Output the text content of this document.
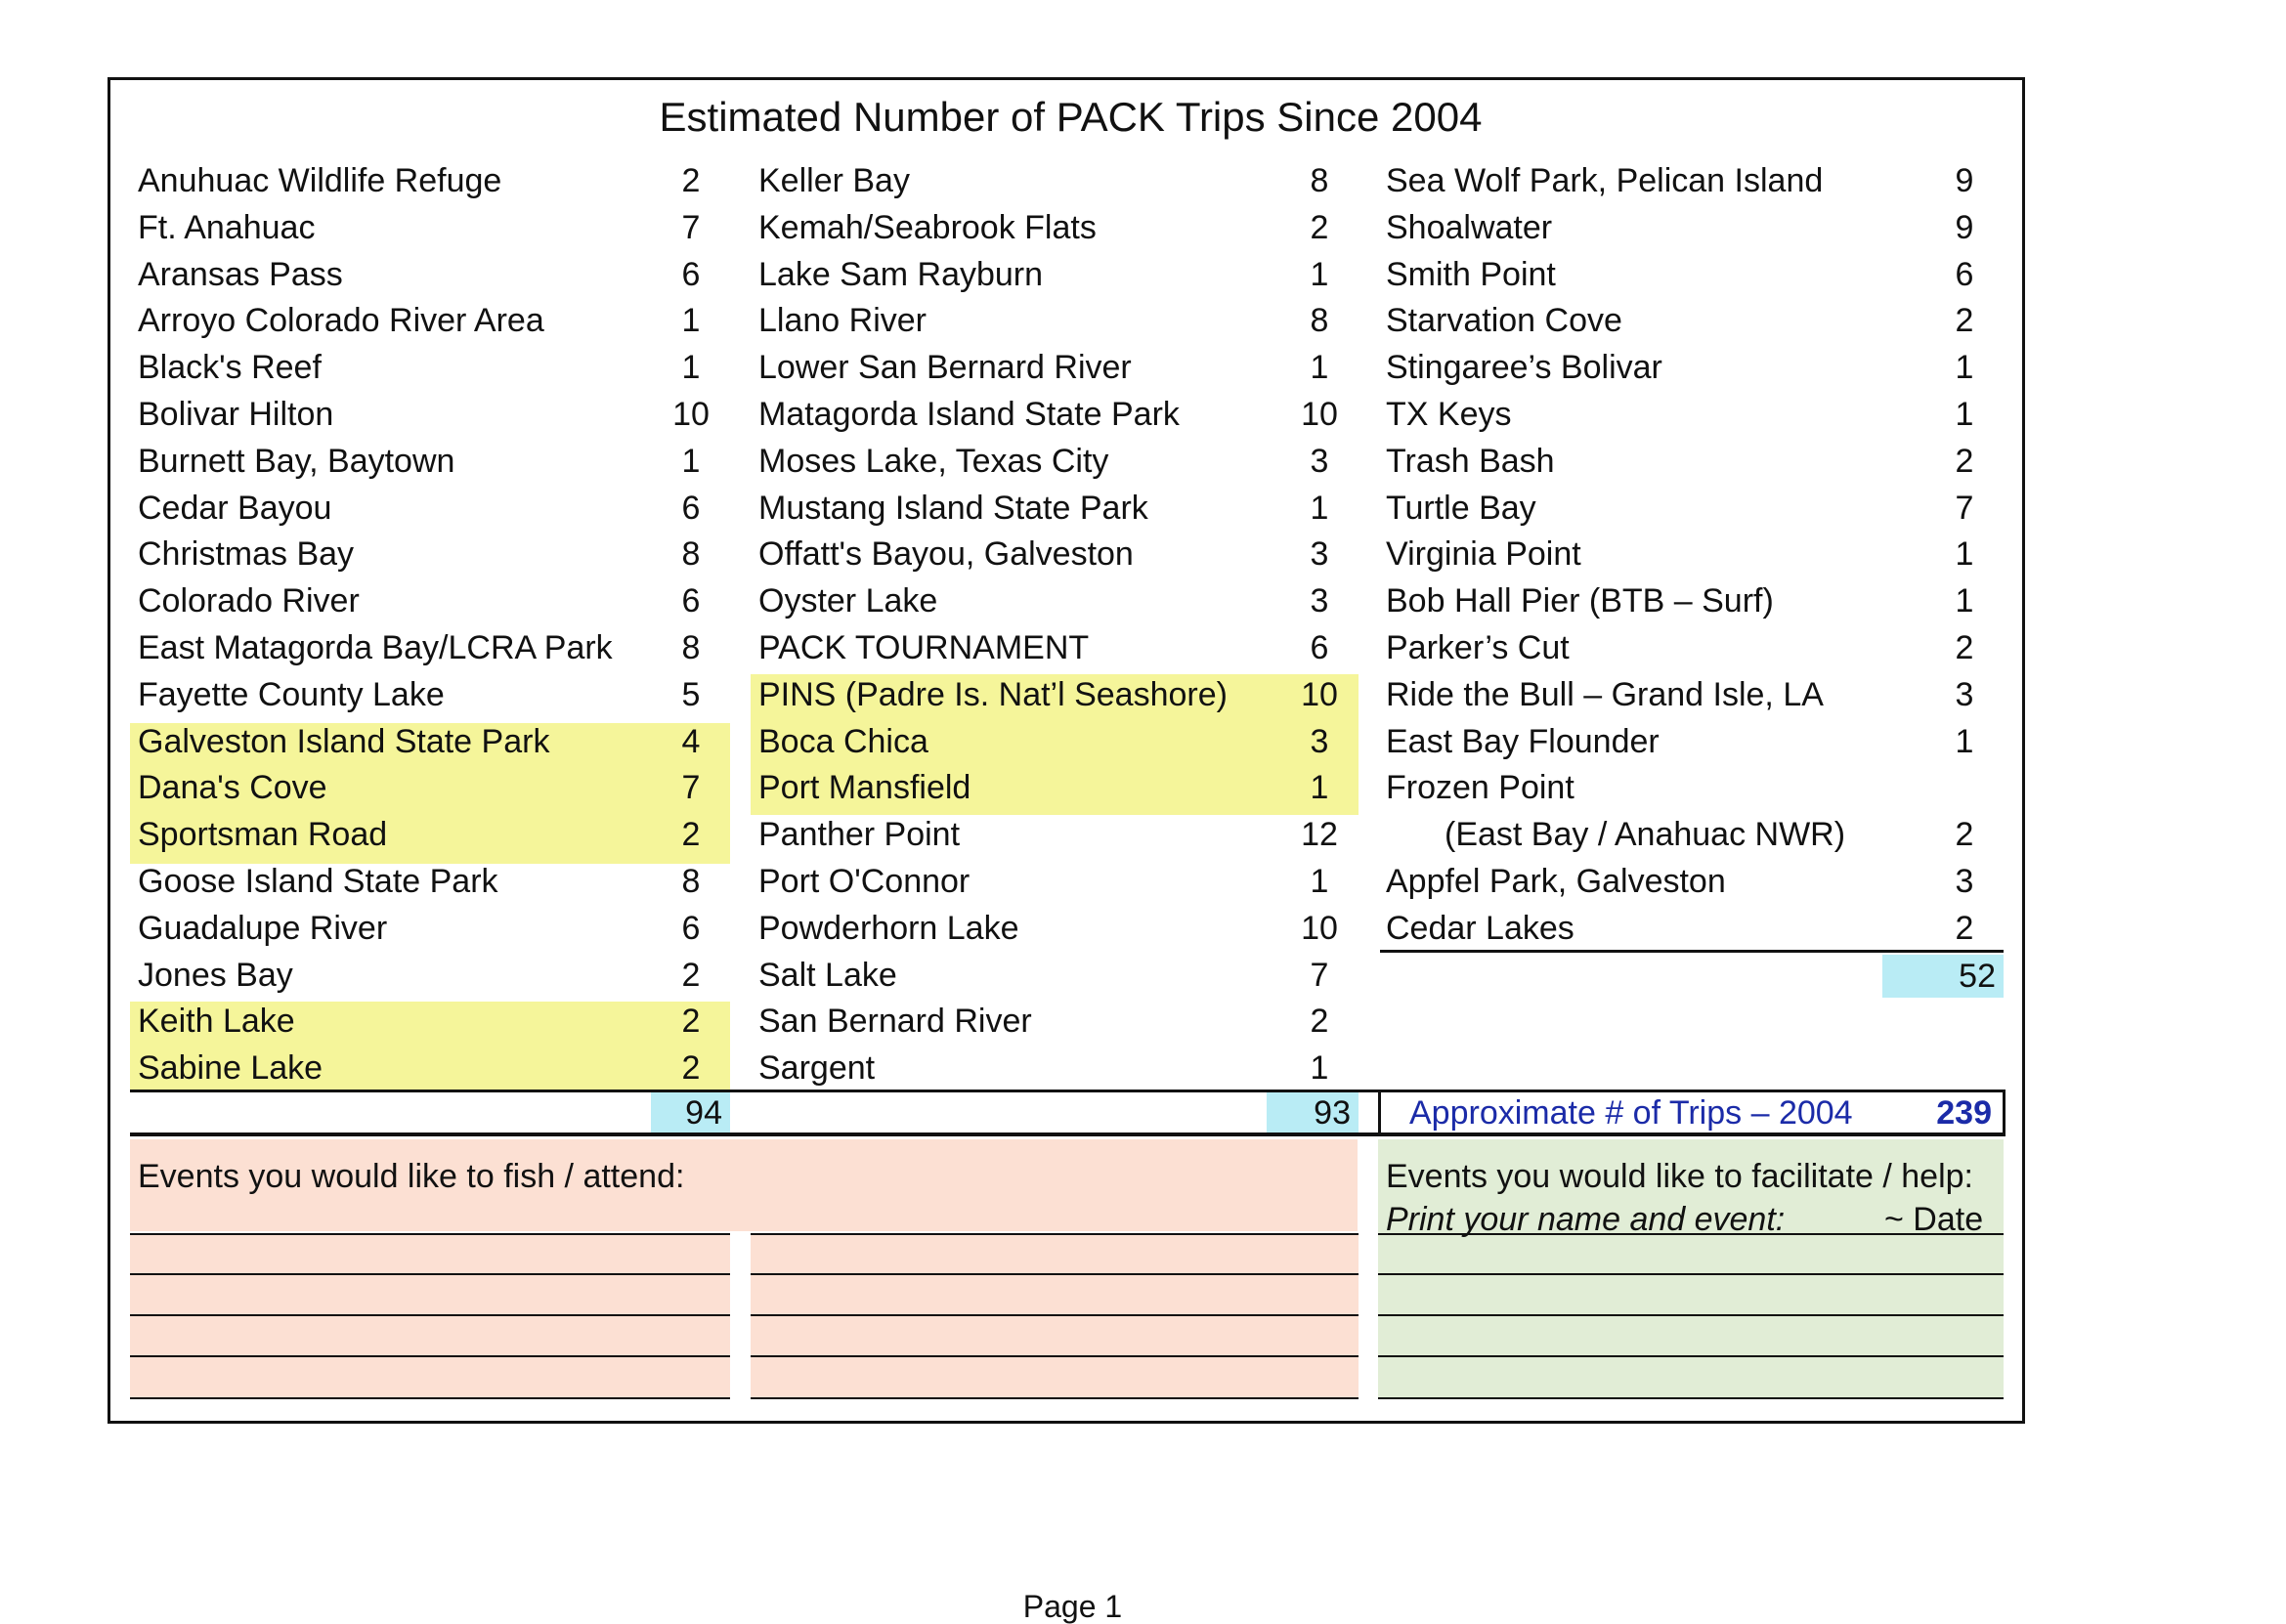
Estimated Number of PACK Trips Since 2004
Anuhuac Wildlife Refuge	2
Ft. Anahuac	7
Aransas Pass	6
Arroyo Colorado River Area	1
Black's Reef	1
Bolivar Hilton	10
Burnett Bay, Baytown	1
Cedar Bayou	6
Christmas Bay	8
Colorado River	6
East Matagorda Bay/LCRA Park	8
Fayette County Lake	5
Galveston Island State Park	4
Dana's Cove	7
Sportsman Road	2
Goose Island State Park	8
Guadalupe River	6
Jones Bay	2
Keith Lake	2
Sabine Lake	2
Keller Bay	8
Kemah/Seabrook Flats	2
Lake Sam Rayburn	1
Llano River	8
Lower San Bernard River	1
Matagorda Island State Park	10
Moses Lake, Texas City	3
Mustang Island State Park	1
Offatt's Bayou, Galveston	3
Oyster Lake	3
PACK TOURNAMENT	6
PINS (Padre Is. Nat’l Seashore)	10
Boca Chica	3
Port Mansfield	1
Panther Point	12
Port O'Connor	1
Powderhorn Lake	10
Salt Lake	7
San Bernard River	2
Sargent	1
Sea Wolf Park, Pelican Island	9
Shoalwater	9
Smith Point	6
Starvation Cove	2
Stingaree’s Bolivar	1
TX Keys	1
Trash Bash	2
Turtle Bay	7
Virginia Point	1
Bob Hall Pier (BTB – Surf)	1
Parker’s Cut	2
Ride the Bull – Grand Isle, LA	3
East Bay Flounder	1
Frozen Point
(East Bay / Anahuac NWR)	2
Appfel Park, Galveston	3
Cedar Lakes	2
94	93
52
Approximate # of Trips – 2004	239
Events you would like to fish / attend:	Events you would like to facilitate / help:
Print your name and event:	~ Date
Page 1
